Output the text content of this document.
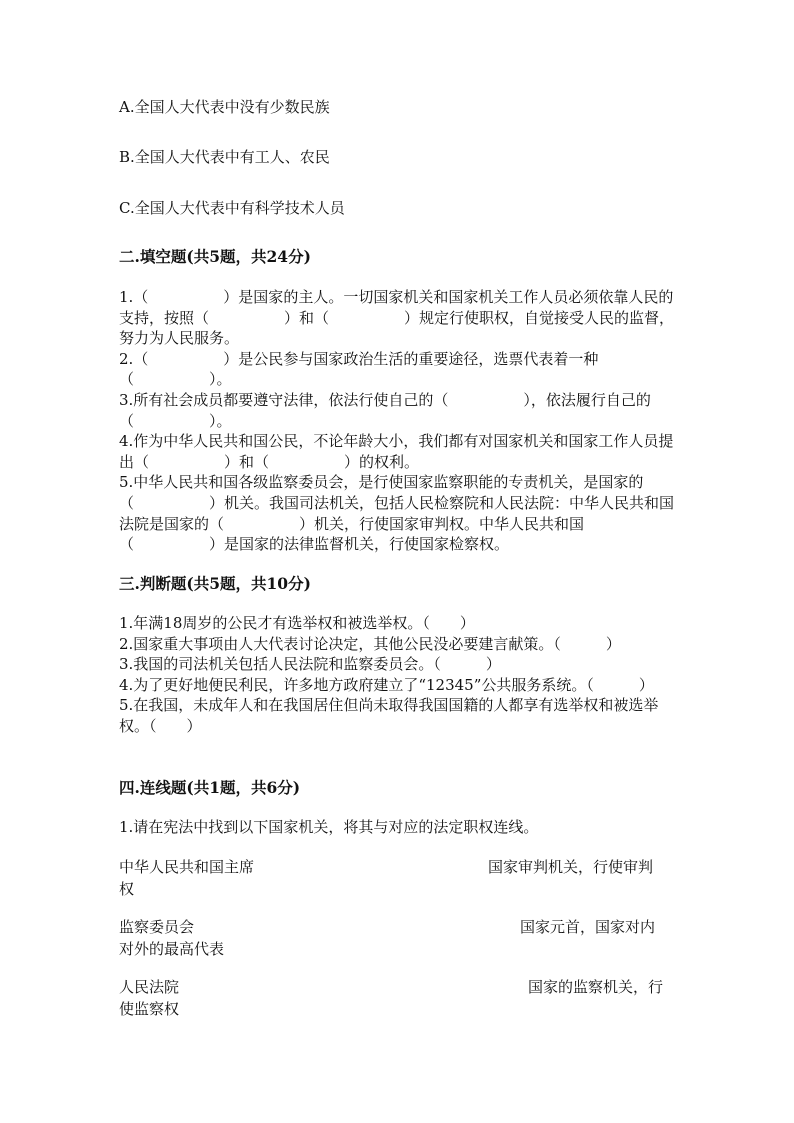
A.全国人大代表中没有少数民族
B.全国人大代表中有工人、农民
C.全国人大代表中有科学技术人员
二.填空题(共5题，共24分)

1.（　　　　　）是国家的主人。一切国家机关和国家机关工作人员必须依靠人民的支持，按照（　　　　　）和（　　　　　）规定行使职权，自觉接受人民的监督，努力为人民服务。

2.（　　　　　）是公民参与国家政治生活的重要途径，选票代表着一种（　　　　　）。

3.所有社会成员都要遵守法律，依法行使自己的（　　　　　），依法履行自己的（　　　　　）。

4.作为中华人民共和国公民，不论年龄大小，我们都有对国家机关和国家工作人员提出（　　　　　）和（　　　　　）的权利。

5.中华人民共和国各级监察委员会，是行使国家监察职能的专责机关，是国家的（　　　　　）机关。我国司法机关，包括人民检察院和人民法院：中华人民共和国法院是国家的（　　　　　）机关，行使国家审判权。中华人民共和国（　　　　　）是国家的法律监督机关，行使国家检察权。

三.判断题(共5题，共10分)

1.年满18周岁的公民才有选举权和被选举权。（　　）

2.国家重大事项由人大代表讨论决定，其他公民没必要建言献策。（　　　）

3.我国的司法机关包括人民法院和监察委员会。（　　　）

4.为了更好地便民利民，许多地方政府建立了“12345”公共服务系统。（　　　）

5.在我国，未成年人和在我国居住但尚未取得我国国籍的人都享有选举权和被选举权。（　　）

四.连线题(共1题，共6分)
1.请在宪法中找到以下国家机关，将其与对应的法定职权连线。
中华人民共和国主席	国家审判机关，行使审判
权
监察委员会	国家元首，国家对内
对外的最高代表
人民法院	国家的监察机关，行
使监察权
